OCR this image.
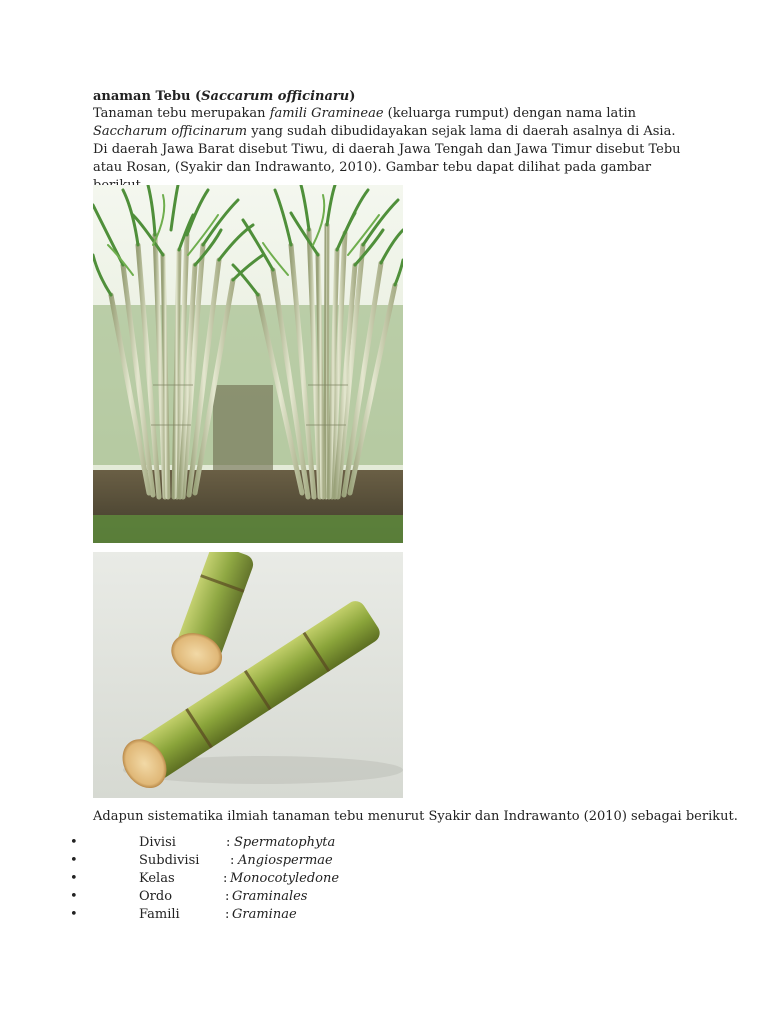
anaman Tebu (Saccarum officinaru)
Tanaman tebu merupakan famili Gramineae (keluarga rumput) dengan nama latin Saccharum officinarum yang sudah dibudidayakan sejak lama di daerah asalnya di Asia. Di daerah Jawa Barat disebut Tiwu, di daerah Jawa Tengah dan Jawa Timur disebut Tebu atau Rosan, (Syakir dan Indrawanto, 2010). Gambar tebu dapat dilihat pada gambar
Adapun sistematika ilmiah tanaman tebu menurut Syakir dan Indrawanto (2010) sebagai berikut.
•	Divisi	: Spermatophyta
•	Subdivisi : Angiospermae
•	Kelas	: Monocotyledone
•	Ordo	: Graminales
•	Famili	: Graminae
